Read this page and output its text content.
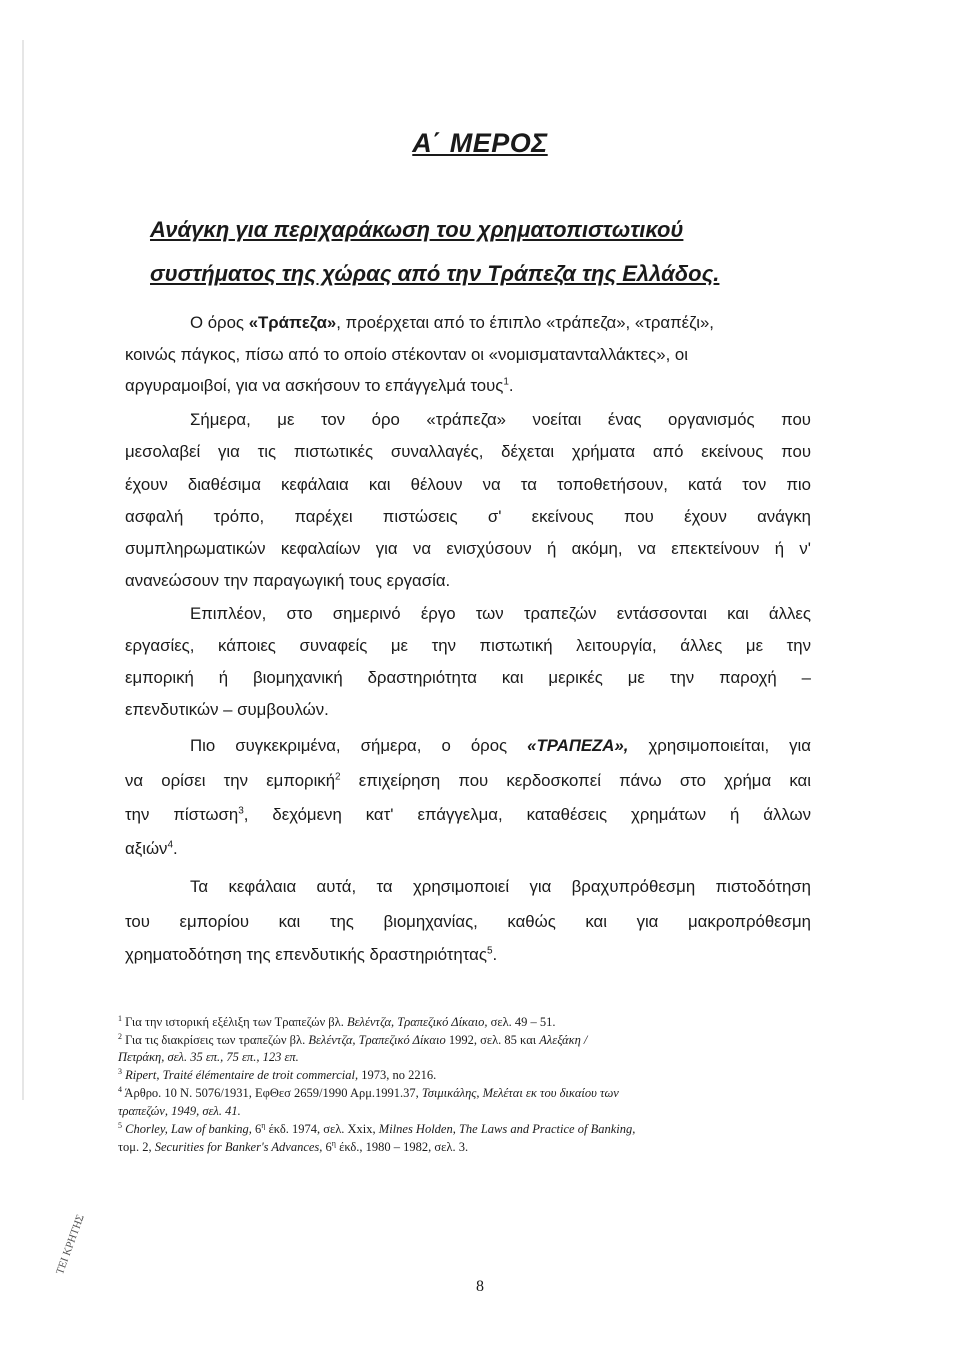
Α΄ ΜΕΡΟΣ
Ανάγκη για περιχαράκωση του χρηματοπιστωτικού
συστήματος της χώρας από την Τράπεζα της Ελλάδος.
Ο όρος «Τράπεζα», προέρχεται από το έπιπλο «τράπεζα», «τραπέζι»,
κοινώς πάγκος, πίσω από το οποίο στέκονταν οι «νομισματανταλλάκτες», οι
αργυραμοιβοί, για να ασκήσουν το επάγγελμά τους$^1$.
Σήμερα, με τον όρο «τράπεζα» νοείται ένας οργανισμός που
μεσολαβεί για τις πιστωτικές συναλλαγές, δέχεται χρήματα από εκείνους που
έχουν διαθέσιμα κεφάλαια και θέλουν να τα τοποθετήσουν, κατά τον πιο
ασφαλή τρόπο, παρέχει πιστώσεις σ' εκείνους που έχουν ανάγκη
συμπληρωματικών κεφαλαίων για να ενισχύσουν ή ακόμη, να επεκτείνουν ή ν'
ανανεώσουν την παραγωγική τους εργασία.
Επιπλέον, στο σημερινό έργο των τραπεζών εντάσσονται και άλλες
εργασίες, κάποιες συναφείς με την πιστωτική λειτουργία, άλλες με την
εμπορική ή βιομηχανική δραστηριότητα και μερικές με την παροχή –
επενδυτικών – συμβουλών.
Πιο συγκεκριμένα, σήμερα, ο όρος «ΤΡΑΠΕΖΑ», χρησιμοποιείται, για
να ορίσει την εμπορική$^2$ επιχείρηση που κερδοσκοπεί πάνω στο χρήμα και
την πίστωση$^3$, δεχόμενη κατ' επάγγελμα, καταθέσεις χρημάτων ή άλλων
αξιών$^4$.
Τα κεφάλαια αυτά, τα χρησιμοποιεί για βραχυπρόθεσμη πιστοδότηση
του εμπορίου και της βιομηχανίας, καθώς και για μακροπρόθεσμη
χρηματοδότηση της επενδυτικής δραστηριότητας$^5$.
$^1$ Για την ιστορική εξέλιξη των Τραπεζών βλ. Βελέντζα, Τραπεζικό Δίκαιο, σελ. 49 – 51.
$^2$ Για τις διακρίσεις των τραπεζών βλ. Βελέντζα, Τραπεζικό Δίκαιο 1992, σελ. 85 και Αλεξάκη /
Πετράκη, σελ. 35 επ., 75 επ., 123 επ.
$^3$ Ripert, Traité élémentaire de troit commercial, 1973, no 2216.
$^4$ Άρθρο. 10 Ν. 5076/1931, ΕφΘεσ 2659/1990 Αρμ.1991.37, Τσιμικάλης, Μελέται εκ του δικαίου των
τραπεζών, 1949, σελ. 41.
$^5$ Chorley, Law of banking, $6^\eta$ έκδ. 1974, σελ. Xxix, Milnes Holden, The Laws and Practice of Banking,
τομ. 2, Securities for Banker's Advances, $6^\eta$ έκδ., 1980 – 1982, σελ. 3.
ΤΕΙ ΚΡΗΤΗΣ
8
